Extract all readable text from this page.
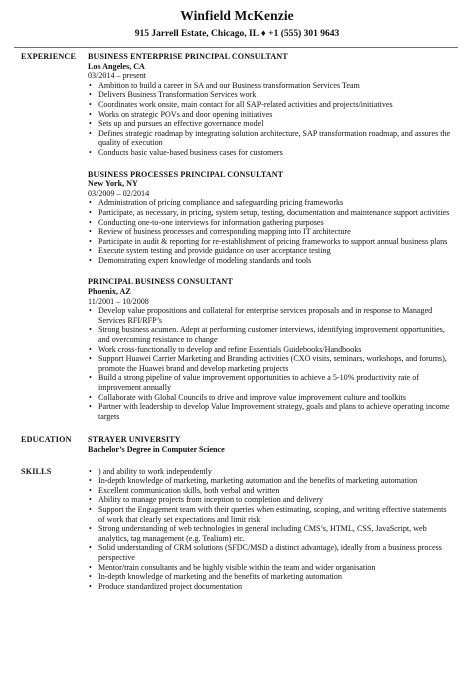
Winfield McKenzie
915 Jarrell Estate, Chicago, IL ♦ +1 (555) 301 9643
EXPERIENCE BUSINESS ENTERPRISE PRINCIPAL CONSULTANT
Los Angeles, CA
03/2014 – present
• Ambition to build a career in SA and our Business transformation Services Team
• Delivers Business Transformation Services work
• Coordinates work onsite, main contact for all SAP-related activities and projects/initiatives
• Works on strategic POVs and door opening initiatives
• Sets up and pursues an effective governance model
• Defines strategic roadmap by integrating solution architecture, SAP transformation roadmap, and assures the quality of execution
• Conducts basic value-based business cases for customers
BUSINESS PROCESSES PRINCIPAL CONSULTANT
New York, NY
03/2009 – 02/2014
• Administration of pricing compliance and safeguarding pricing frameworks
• Participate, as necessary, in pricing, system setup, testing, documentation and maintenance support activities
• Conducting one-to-one interviews for information gathering purposes
• Review of business processes and corresponding mapping into IT architecture
• Participate in audit & reporting for re-establishment of pricing frameworks to support annual business plans
• Execute system testing and provide guidance on user acceptance testing
• Demonstrating expert knowledge of modeling standards and tools
PRINCIPAL BUSINESS CONSULTANT
Phoenix, AZ
11/2001 – 10/2008
• Develop value propositions and collateral for enterprise services proposals and in response to Managed Services RFI/RFP’s
• Strong business acumen. Adept at performing customer interviews, identifying improvement opportunities, and overcoming resistance to change
• Work cross-functionally to develop and refine Essentials Guidebooks/Handbooks
• Support Huawei Carrier Marketing and Branding activities (CXO visits, seminars, workshops, and forums), promote the Huawei brand and develop marketing projects
• Build a strong pipeline of value improvement opportunities to achieve a 5-10% productivity rate of improvement annually
• Collaborate with Global Councils to drive and improve value improvement culture and toolkits
• Partner with leadership to develop Value Improvement strategy, goals and plans to achieve operating income targets
EDUCATION STRAYER UNIVERSITY
Bachelor’s Degree in Computer Science
SKILLS
•	) and ability to work independently
• In-depth knowledge of marketing, marketing automation and the benefits of marketing automation
• Excellent communication skills, both verbal and written
• Ability to manage projects from inception to completion and delivery
• Support the Engagement team with their queries when estimating, scoping, and writing effective statements of work that clearly set expectations and limit risk
• Strong understanding of web technologies in general including CMS’s, HTML, CSS, JavaScript, web analytics, tag management (e.g. Tealium) etc.
• Solid understanding of CRM solutions (SFDC/MSD a distinct advantage), ideally from a business process perspective
• Mentor/train consultants and be highly visible within the team and wider organisation
• In-depth knowledge of marketing and the benefits of marketing automation
• Produce standardized project documentation
